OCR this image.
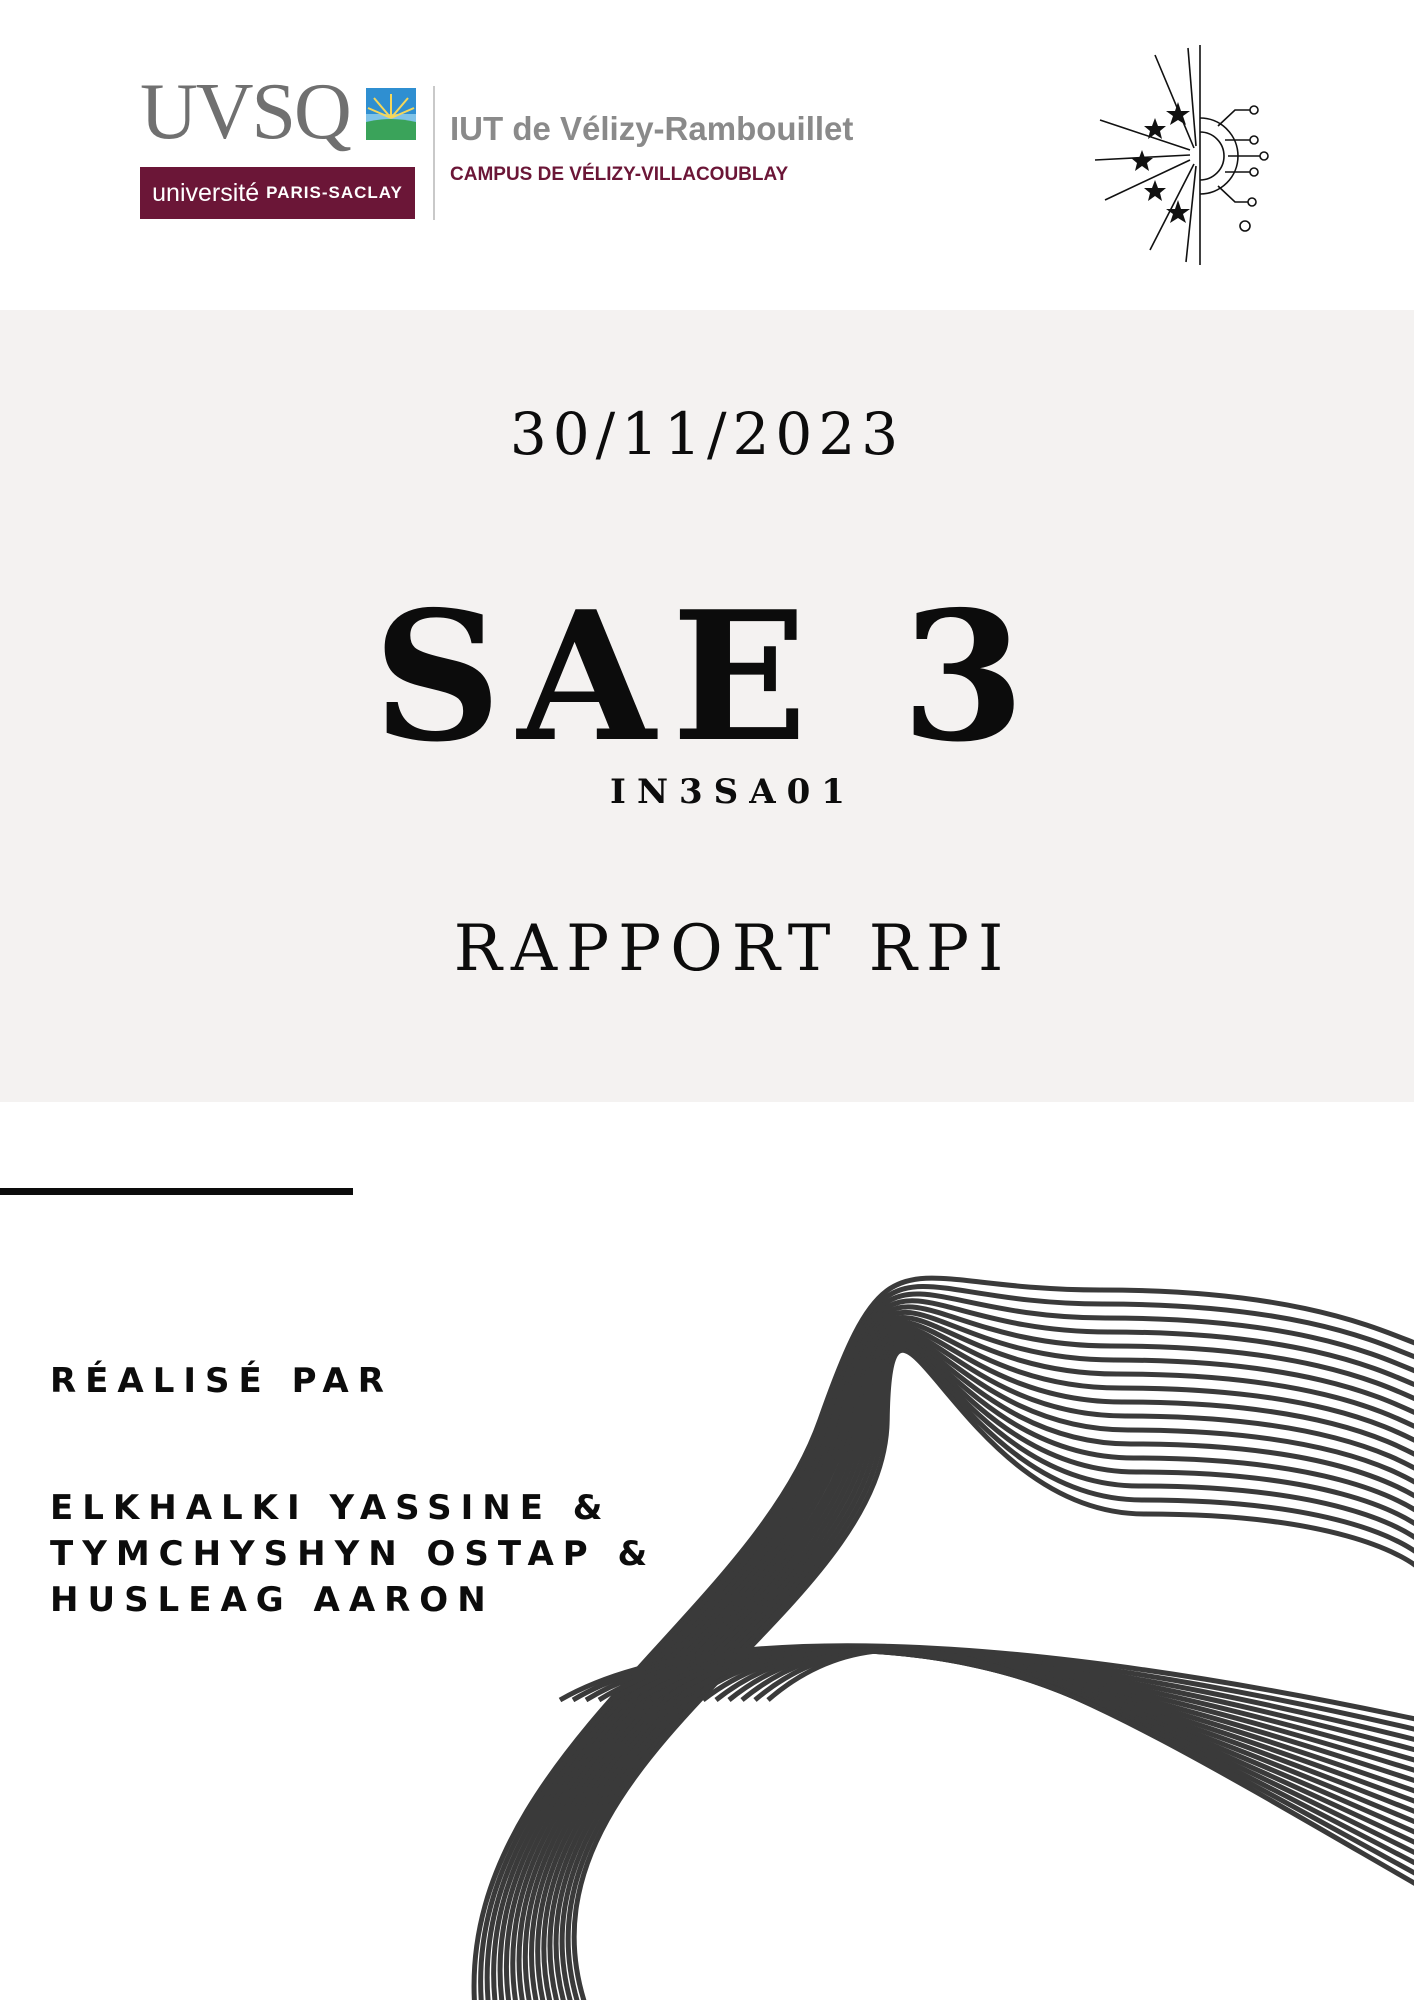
UVSQ
université PARIS-SACLAY
IUT de Vélizy-Rambouillet
CAMPUS DE VÉLIZY-VILLACOUBLAY
30/11/2023
SAE 3
IN3SA01
RAPPORT RPI
RÉALISÉ PAR
ELKHALKI YASSINE &
TYMCHYSHYN OSTAP &
HUSLEAG AARON
